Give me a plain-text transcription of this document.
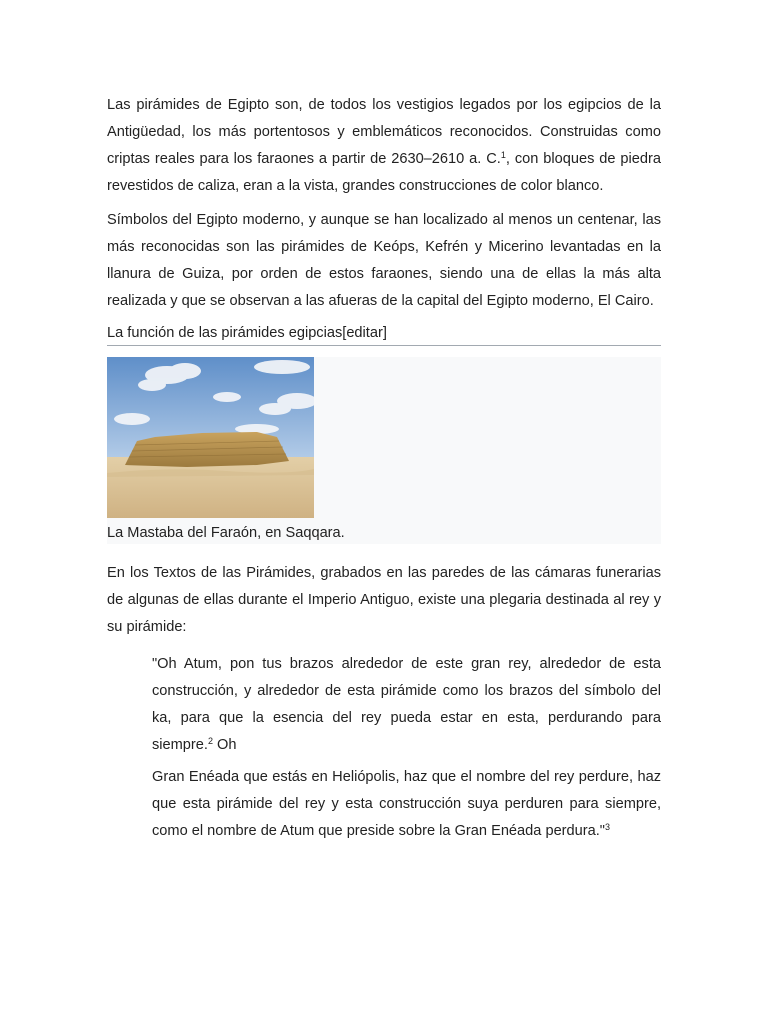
Las pirámides de Egipto son, de todos los vestigios legados por los egipcios de la Antigüedad, los más portentosos y emblemáticos reconocidos. Construidas como criptas reales para los faraones a partir de 2630–2610 a. C.$^1$, con bloques de piedra revestidos de caliza, eran a la vista, grandes construcciones de color blanco.

Símbolos del Egipto moderno, y aunque se han localizado al menos un centenar, las más reconocidas son las pirámides de Keóps, Kefrén y Micerino levantadas en la llanura de Guiza, por orden de estos faraones, siendo una de ellas la más alta realizada y que se observan a las afueras de la capital del Egipto moderno, El Cairo.

La función de las pirámides egipcias[editar]
La Mastaba del Faraón, en Saqqara.

En los Textos de las Pirámides, grabados en las paredes de las cámaras funerarias de algunas de ellas durante el Imperio Antiguo, existe una plegaria destinada al rey y su pirámide:

"Oh Atum, pon tus brazos alrededor de este gran rey, alrededor de esta construcción, y alrededor de esta pirámide como los brazos del símbolo del ka, para que la esencia del rey pueda estar en esta, perdurando para siempre.$^2$ Oh

Gran Enéada que estás en Heliópolis, haz que el nombre del rey perdure, haz que esta pirámide del rey y esta construcción suya perduren para siempre, como el nombre de Atum que preside sobre la Gran Enéada perdura."$^3$
